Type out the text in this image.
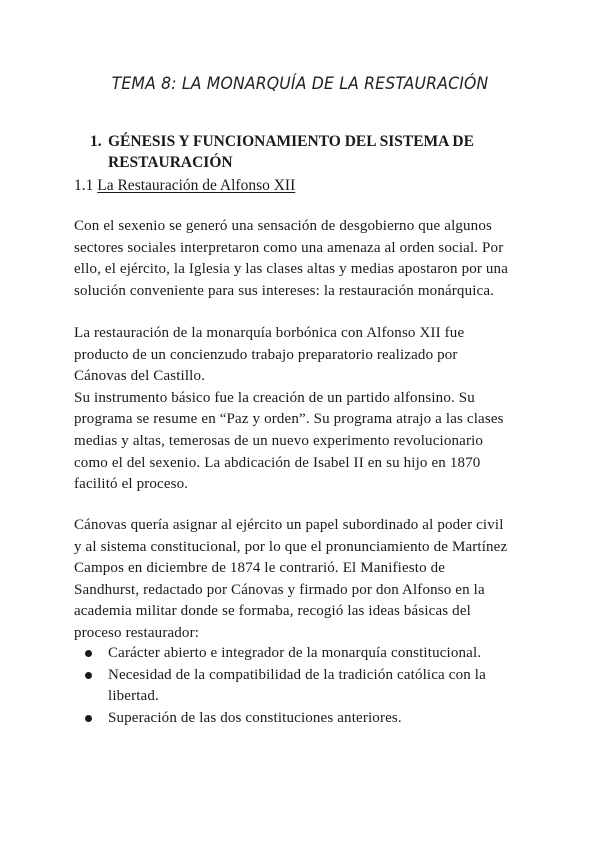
TEMA 8: LA MONARQUÍA DE LA RESTAURACIÓN
1. GÉNESIS Y FUNCIONAMIENTO DEL SISTEMA DE
RESTAURACIÓN
1.1 La Restauración de Alfonso XII
Con el sexenio se generó una sensación de desgobierno que algunos
sectores sociales interpretaron como una amenaza al orden social. Por
ello, el ejército, la Iglesia y las clases altas y medias apostaron por una
solución conveniente para sus intereses: la restauración monárquica.
La restauración de la monarquía borbónica con Alfonso XII fue
producto de un concienzudo trabajo preparatorio realizado por
Cánovas del Castillo.
Su instrumento básico fue la creación de un partido alfonsino. Su
programa se resume en “Paz y orden”. Su programa atrajo a las clases
medias y altas, temerosas de un nuevo experimento revolucionario
como el del sexenio. La abdicación de Isabel II en su hijo en 1870
facilitó el proceso.
Cánovas quería asignar al ejército un papel subordinado al poder civil
y al sistema constitucional, por lo que el pronunciamiento de Martínez
Campos en diciembre de 1874 le contrarió. El Manifiesto de
Sandhurst, redactado por Cánovas y firmado por don Alfonso en la
academia militar donde se formaba, recogió las ideas básicas del
proceso restaurador:
Carácter abierto e integrador de la monarquía constitucional.
Necesidad de la compatibilidad de la tradición católica con la
libertad.
Superación de las dos constituciones anteriores.
